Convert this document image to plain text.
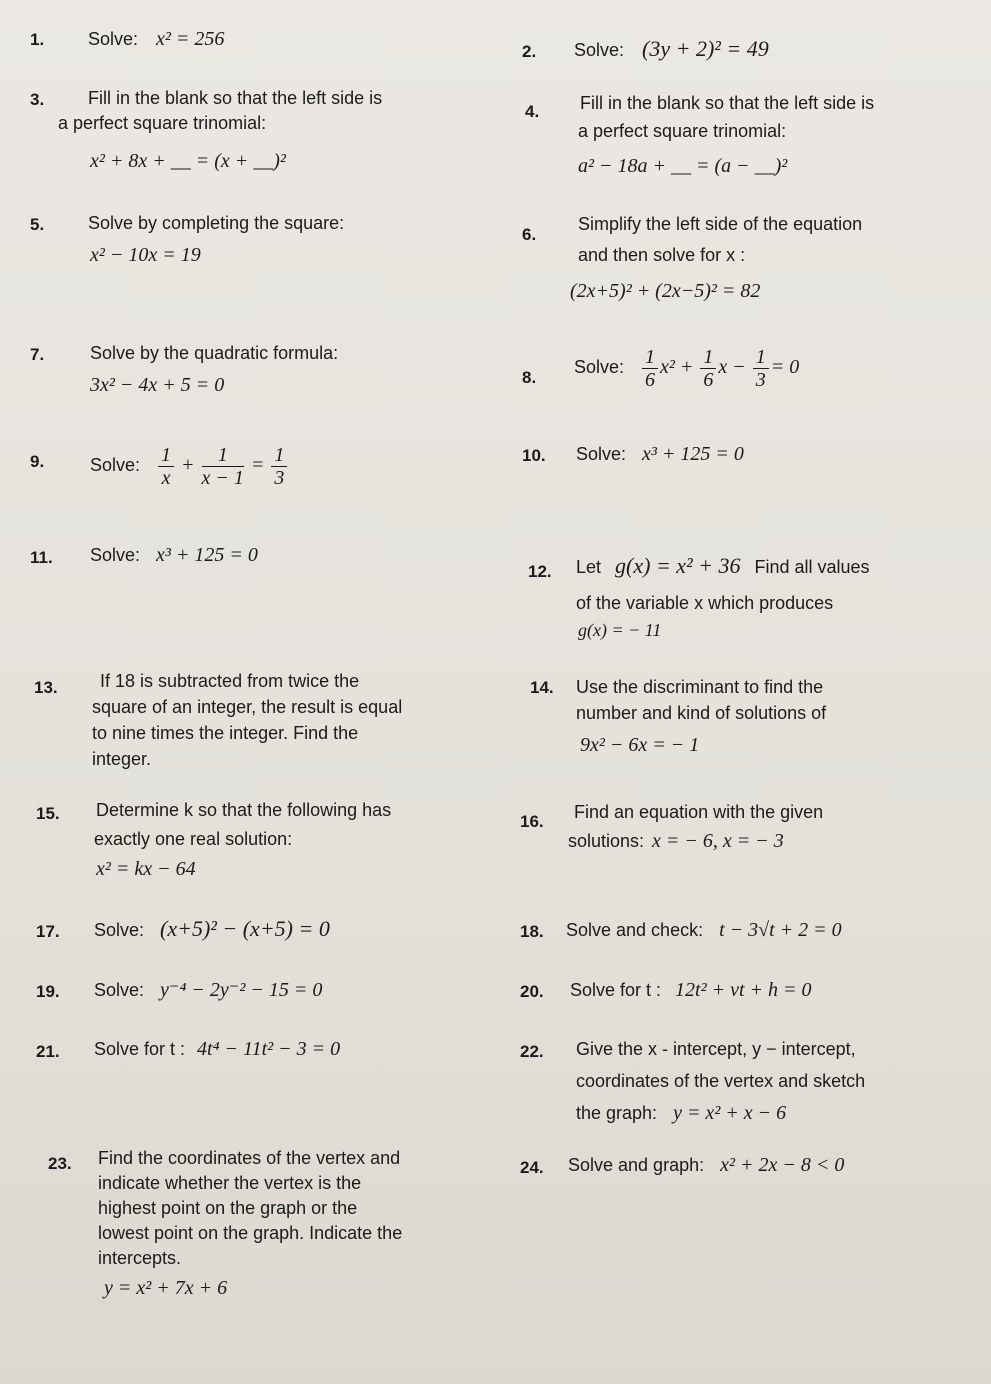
1. Solve: x² = 256
2. Solve: (3y + 2)² = 49
3. Fill in the blank so that the left side is
a perfect square trinomial:
x² + 8x + __ = (x + __)²
4. Fill in the blank so that the left side is
a perfect square trinomial:
a² − 18a + __ = (a − __)²
5. Solve by completing the square:
x² − 10x = 19
6.
Simplify the left side of the equation
and then solve for x :
(2x+5)² + (2x−5)² = 82
7.	Solve by the quadratic formula:
3x² − 4x + 5 = 0	8.
Solve: $\frac{1}{6} x^2 + \frac{1}{6}$ $x - \frac{1}{3} = 0$
9.	Solve: $\frac{1}{x} + \frac{1}{x - 1} = \frac{1}{3}$	10. Solve: x³ + 125 = 0
11. Solve: x³ + 125 = 0
12. Let g(x) = x² + 36 Find all values
of the variable x which produces
g(x) = − 11
13. If 18 is subtracted from twice the
square of an integer, the result is equal
to nine times the integer. Find the
integer.
14. Use the discriminant to find the
number and kind of solutions of
9x² − 6x = − 1
15. Determine k so that the following has
exactly one real solution:
x² = kx − 64
16. Find an equation with the given
solutions: x = − 6, x = − 3
17. Solve: (x+5)² − (x+5) = 0	18. Solve and check: t − 3√t + 2 = 0
19. Solve: y⁻⁴ − 2y⁻² − 15 = 0	20. Solve for t : 12t² + vt + h = 0
21. Solve for t : 4t⁴ − 11t² − 3 = 0	22. Give the x - intercept, y − intercept,
coordinates of the vertex and sketch
the graph: y = x² + x − 6
23. Find the coordinates of the vertex and
indicate whether the vertex is the
highest point on the graph or the
lowest point on the graph. Indicate the
intercepts.
y = x² + 7x + 6
24. Solve and graph: x² + 2x − 8 < 0
